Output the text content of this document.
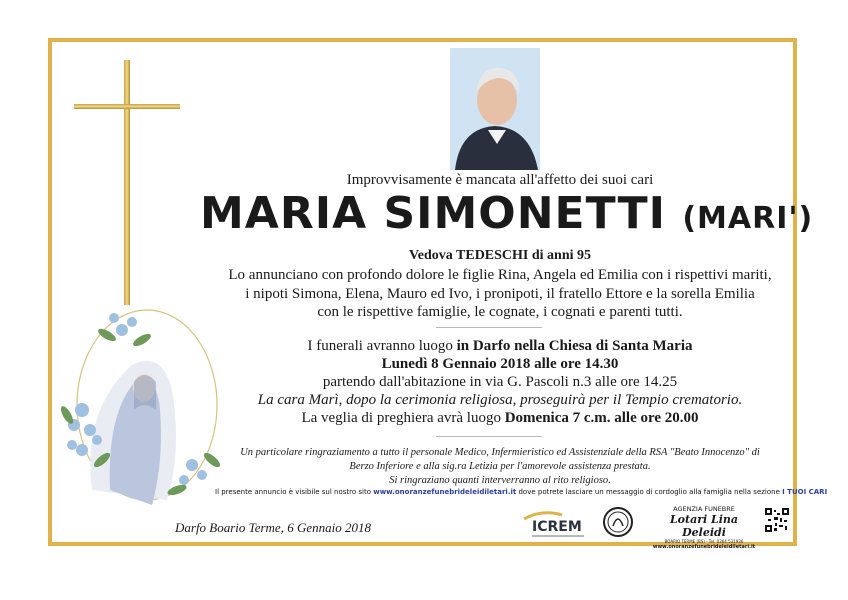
Improvvisamente è mancata all'affetto dei suoi cari
MARIA SIMONETTI (MARI')
Vedova TEDESCHI di anni 95
Lo annunciano con profondo dolore le figlie Rina, Angela ed Emilia con i rispettivi mariti,
i nipoti Simona, Elena, Mauro ed Ivo, i pronipoti, il fratello Ettore e la sorella Emilia
con le rispettive famiglie, le cognate, i cognati e parenti tutti.
I funerali avranno luogo in Darfo nella Chiesa di Santa Maria
Lunedì 8 Gennaio 2018 alle ore 14.30
partendo dall'abitazione in via G. Pascoli n.3 alle ore 14.25
La cara Marì, dopo la cerimonia religiosa, proseguirà per il Tempio crematorio.
La veglia di preghiera avrà luogo Domenica 7 c.m. alle ore 20.00
Un particolare ringraziamento a tutto il personale Medico, Infermieristico ed Assistenziale della RSA "Beato Innocenzo" di
Berzo Inferiore e alla sig.ra Letizia per l'amorevole assistenza prestata.
Si ringraziano quanti interverranno al rito religioso.
Il presente annuncio è visibile sul nostro sito www.onoranzefunebrideleidiletari.it dove potrete lasciare un messaggio di cordoglio alla famiglia nella sezione I TUOI CARI
Darfo Boario Terme, 6 Gennaio 2018	ICREM
AGENZIA FUNEBRE
Lotari Lina Deleidi
BOARIO TERME (BS) - Tel. 0364.531936
www.onoranzefunebrideleidiletari.it
